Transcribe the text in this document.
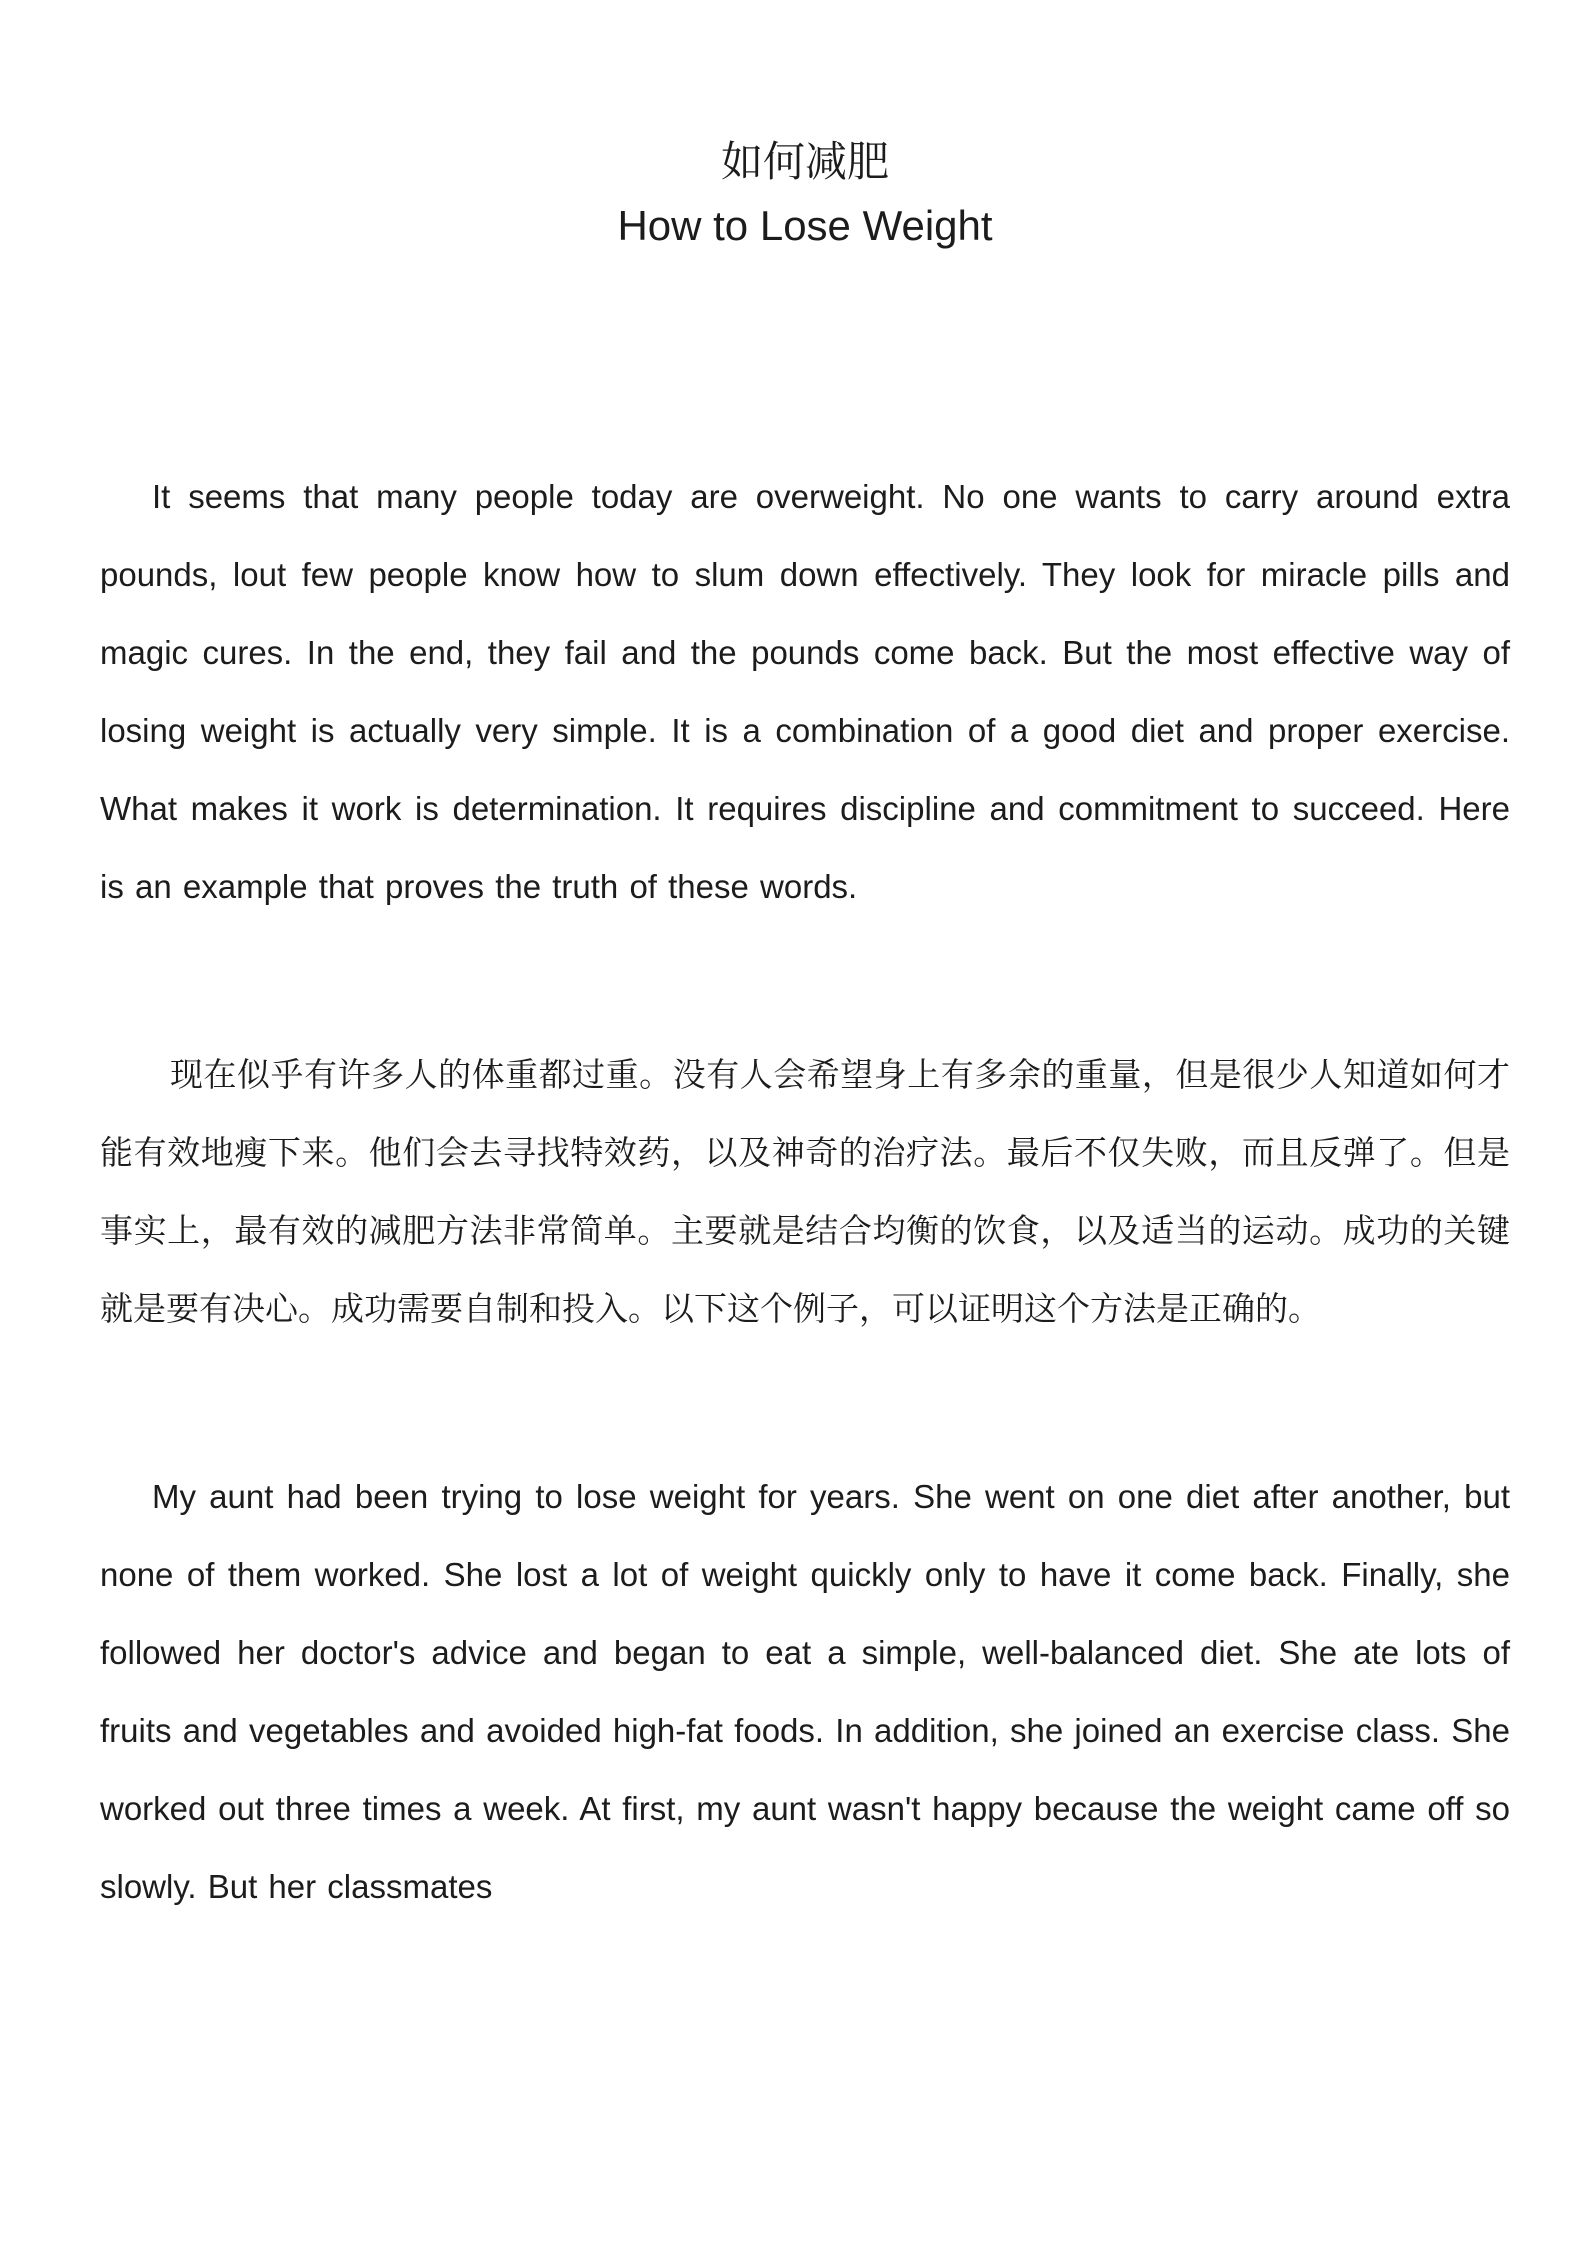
如何减肥
How to Lose Weight

It seems that many people today are overweight. No one wants to carry around extra pounds, lout few people know how to slum down effectively. They look for miracle pills and magic cures. In the end, they fail and the pounds come back. But the most effective way of losing weight is actually very simple. It is a combination of a good diet and proper exercise. What makes it work is determination. It requires discipline and commitment to succeed. Here is an example that proves the truth of these words.

现在似乎有许多人的体重都过重。没有人会希望身上有多余的重量，但是很少人知道如何才能有效地瘦下来。他们会去寻找特效药，以及神奇的治疗法。最后不仅失败，而且反弹了。但是事实上，最有效的减肥方法非常简单。主要就是结合均衡的饮食，以及适当的运动。成功的关键就是要有决心。成功需要自制和投入。以下这个例子，可以证明这个方法是正确的。

My aunt had been trying to lose weight for years. She went on one diet after another, but none of them worked. She lost a lot of weight quickly only to have it come back. Finally, she followed her doctor's advice and began to eat a simple, well-balanced diet. She ate lots of fruits and vegetables and avoided high-fat foods. In addition, she joined an exercise class. She worked out three times a week. At first, my aunt wasn't happy because the weight came off so slowly. But her classmates
